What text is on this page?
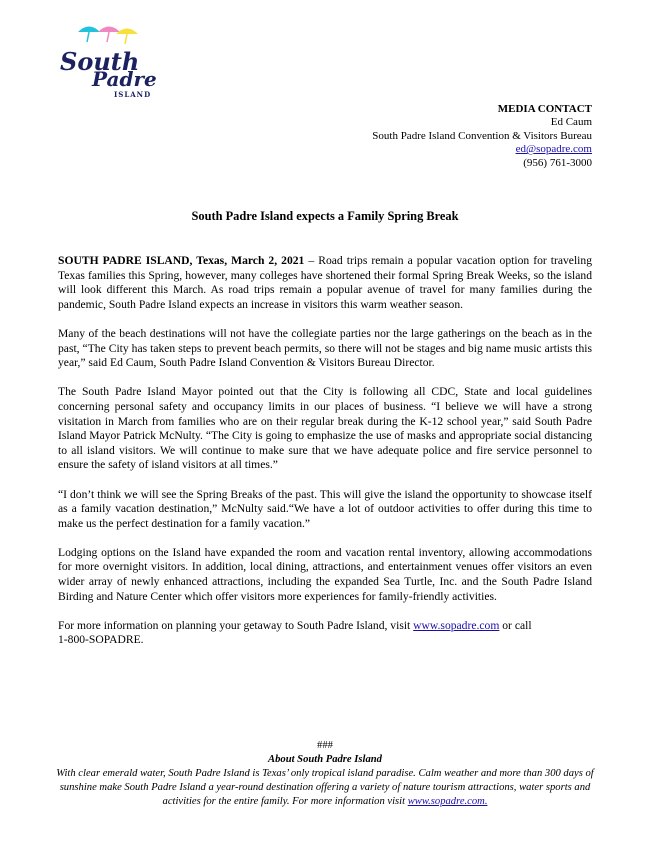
South
Padre
ISLAND
MEDIA CONTACT
Ed Caum
South Padre Island Convention & Visitors Bureau
ed@sopadre.com
(956) 761-3000
South Padre Island expects a Family Spring Break

SOUTH PADRE ISLAND, Texas, March 2, 2021 – Road trips remain a popular vacation option for traveling Texas families this Spring, however, many colleges have shortened their formal Spring Break Weeks, so the island will look different this March. As road trips remain a popular avenue of travel for many families during the pandemic, South Padre Island expects an increase in visitors this warm weather season.

Many of the beach destinations will not have the collegiate parties nor the large gatherings on the beach as in the past, “The City has taken steps to prevent beach permits, so there will not be stages and big name music artists this year,” said Ed Caum, South Padre Island Convention & Visitors Bureau Director.

The South Padre Island Mayor pointed out that the City is following all CDC, State and local guidelines concerning personal safety and occupancy limits in our places of business. “I believe we will have a strong visitation in March from families who are on their regular break during the K-12 school year,” said South Padre Island Mayor Patrick McNulty. “The City is going to emphasize the use of masks and appropriate social distancing to all island visitors. We will continue to make sure that we have adequate police and fire service personnel to ensure the safety of island visitors at all times.”

“I don’t think we will see the Spring Breaks of the past. This will give the island the opportunity to showcase itself as a family vacation destination,” McNulty said.“We have a lot of outdoor activities to offer during this time to make us the perfect destination for a family vacation.”

Lodging options on the Island have expanded the room and vacation rental inventory, allowing accommodations for more overnight visitors. In addition, local dining, attractions, and entertainment venues offer visitors an even wider array of newly enhanced attractions, including the expanded Sea Turtle, Inc. and the South Padre Island Birding and Nature Center which offer visitors more experiences for family-friendly activities.

For more information on planning your getaway to South Padre Island, visit www.sopadre.com or call
1-800-SOPADRE.

###
About South Padre Island
With clear emerald water, South Padre Island is Texas’ only tropical island paradise. Calm weather and more than 300 days of sunshine make South Padre Island a year-round destination offering a variety of nature tourism attractions, water sports and activities for the entire family. For more information visit www.sopadre.com.
